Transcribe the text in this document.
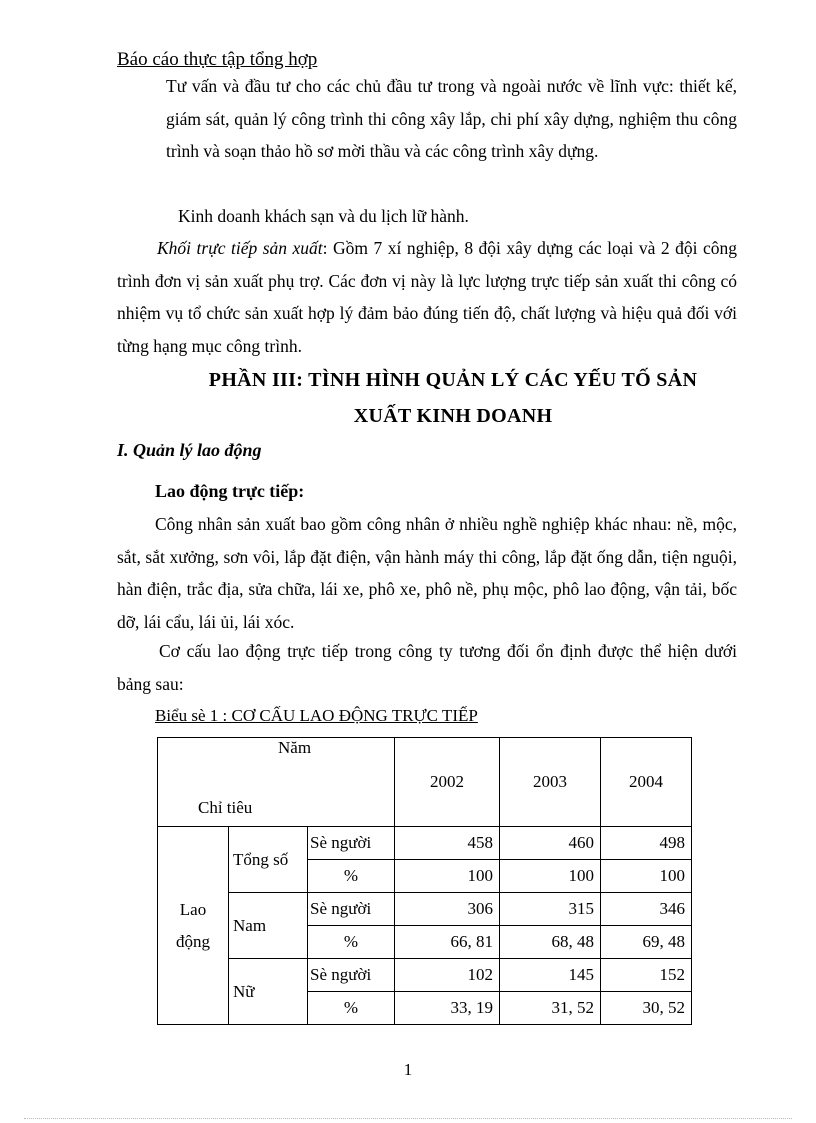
Báo cáo thực tập tổng hợp
Tư vấn và đầu tư cho các chủ đầu tư trong và ngoài nước về lĩnh vực: thiết kế, giám sát, quản lý công trình thi công xây lắp, chi phí xây dựng, nghiệm thu công trình và soạn thảo hồ sơ mời thầu và các công trình xây dựng.
Kinh doanh khách sạn và du lịch lữ hành.
Khối trực tiếp sản xuất: Gồm 7 xí nghiệp, 8 đội xây dựng các loại và 2 đội công trình đơn vị sản xuất phụ trợ. Các đơn vị này là lực lượng trực tiếp sản xuất thi công có nhiệm vụ tổ chức sản xuất hợp lý đảm bảo đúng tiến độ, chất lượng và hiệu quả đối với từng hạng mục công trình.
PHẦN III: TÌNH HÌNH QUẢN LÝ CÁC YẾU TỐ SẢN
XUẤT KINH DOANH
I. Quản lý lao động
Lao động trực tiếp:
Công nhân sản xuất bao gồm công nhân ở nhiều nghề nghiệp khác nhau: nề, mộc, sắt, sắt xưởng, sơn vôi, lắp đặt điện, vận hành máy thi công, lắp đặt ống dẫn, tiện nguội, hàn điện, trắc địa, sửa chữa, lái xe, phô xe, phô nề, phụ mộc, phô lao động, vận tải, bốc dỡ, lái cẩu, lái ủi, lái xóc.
Cơ cấu lao động trực tiếp trong công ty tương đối ổn định được thể hiện dưới bảng sau:
Biểu sè 1 : CƠ CẤU LAO ĐỘNG TRỰC TIẾP
Năm
Chỉ tiêu			2002	2003	2004
Lao động	Tổng số	Sè người	458	460	498
		%	100	100	100
	Nam	Sè người	306	315	346
		%	66, 81	68, 48	69, 48
	Nữ	Sè người	102	145	152
		%	33, 19	31, 52	30, 52
1
